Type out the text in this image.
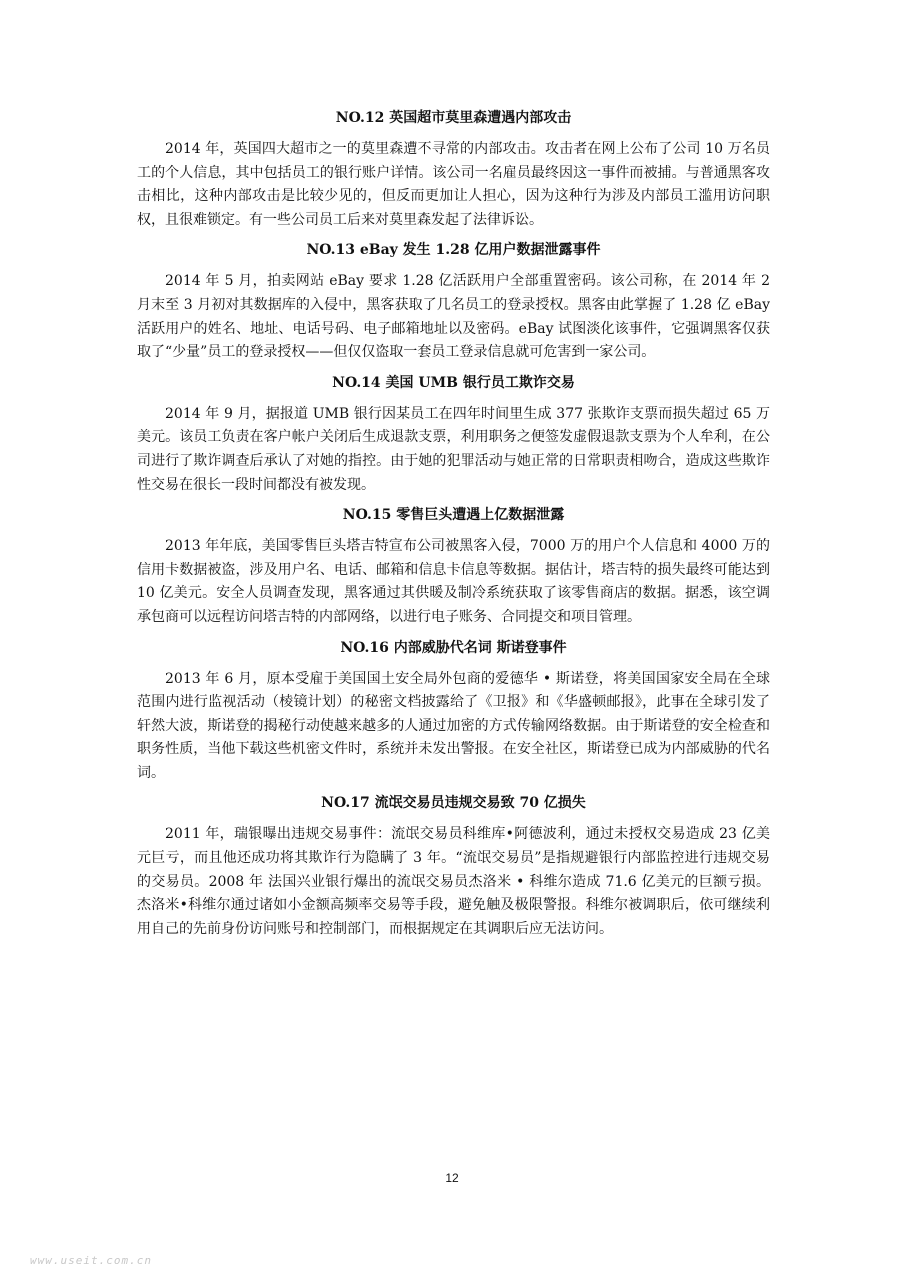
NO.12 英国超市莫里森遭遇内部攻击

2014 年，英国四大超市之一的莫里森遭不寻常的内部攻击。攻击者在网上公布了公司 10 万名员工的个人信息，其中包括员工的银行账户详情。该公司一名雇员最终因这一事件而被捕。与普通黑客攻击相比，这种内部攻击是比较少见的，但反而更加让人担心，因为这种行为涉及内部员工滥用访问职权，且很难锁定。有一些公司员工后来对莫里森发起了法律诉讼。

NO.13 eBay 发生 1.28 亿用户数据泄露事件

2014 年 5 月，拍卖网站 eBay 要求 1.28 亿活跃用户全部重置密码。该公司称，在 2014 年 2 月末至 3 月初对其数据库的入侵中，黑客获取了几名员工的登录授权。黑客由此掌握了 1.28 亿 eBay 活跃用户的姓名、地址、电话号码、电子邮箱地址以及密码。eBay 试图淡化该事件，它强调黑客仅获取了“少量”员工的登录授权——但仅仅盗取一套员工登录信息就可危害到一家公司。

NO.14 美国 UMB 银行员工欺诈交易

2014 年 9 月，据报道 UMB 银行因某员工在四年时间里生成 377 张欺诈支票而损失超过 65 万美元。该员工负责在客户帐户关闭后生成退款支票，利用职务之便签发虚假退款支票为个人牟利，在公司进行了欺诈调查后承认了对她的指控。由于她的犯罪活动与她正常的日常职责相吻合，造成这些欺诈性交易在很长一段时间都没有被发现。

NO.15 零售巨头遭遇上亿数据泄露

2013 年年底，美国零售巨头塔吉特宣布公司被黑客入侵，7000 万的用户个人信息和 4000 万的信用卡数据被盗，涉及用户名、电话、邮箱和信息卡信息等数据。据估计，塔吉特的损失最终可能达到 10 亿美元。安全人员调查发现，黑客通过其供暖及制冷系统获取了该零售商店的数据。据悉，该空调承包商可以远程访问塔吉特的内部网络，以进行电子账务、合同提交和项目管理。

NO.16 内部威胁代名词 斯诺登事件

2013 年 6 月，原本受雇于美国国土安全局外包商的爱德华 • 斯诺登，将美国国家安全局在全球范围内进行监视活动（棱镜计划）的秘密文档披露给了《卫报》和《华盛顿邮报》，此事在全球引发了轩然大波，斯诺登的揭秘行动使越来越多的人通过加密的方式传输网络数据。由于斯诺登的安全检查和职务性质，当他下载这些机密文件时，系统并未发出警报。在安全社区，斯诺登已成为内部威胁的代名词。

NO.17 流氓交易员违规交易致 70 亿损失

2011 年，瑞银曝出违规交易事件：流氓交易员科维库•阿德波利，通过未授权交易造成 23 亿美元巨亏，而且他还成功将其欺诈行为隐瞒了 3 年。“流氓交易员”是指规避银行内部监控进行违规交易的交易员。2008 年 法国兴业银行爆出的流氓交易员杰洛米 • 科维尔造成 71.6 亿美元的巨额亏损。杰洛米•科维尔通过诸如小金额高频率交易等手段，避免触及极限警报。科维尔被调职后，依可继续利用自己的先前身份访问账号和控制部门，而根据规定在其调职后应无法访问。

12
www.useit.com.cn
